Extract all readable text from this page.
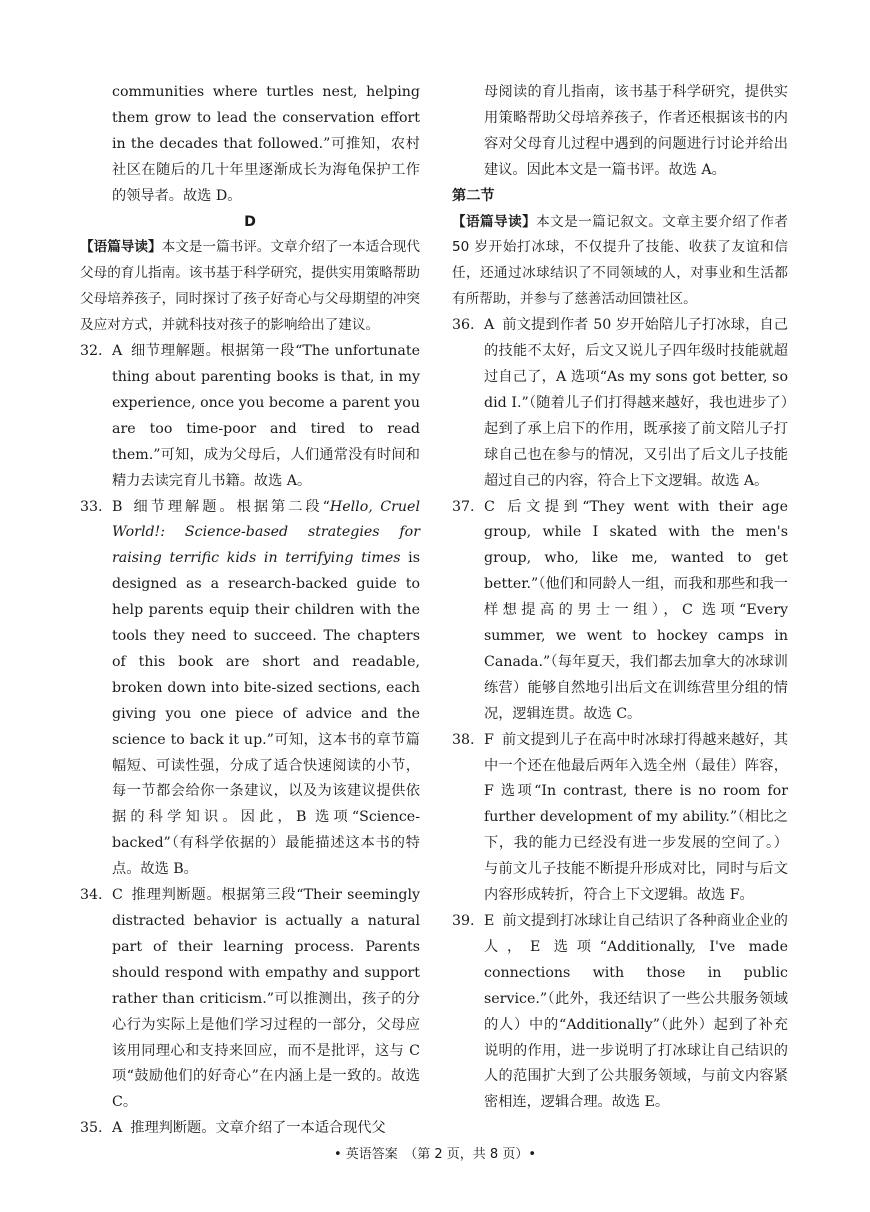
communities where turtles nest, helping them grow to lead the conservation effort in the decades that followed.”可推知，农村社区在随后的几十年里逐渐成长为海龟保护工作的领导者。故选 D。

D

【语篇导读】本文是一篇书评。文章介绍了一本适合现代父母的育儿指南。该书基于科学研究，提供实用策略帮助父母培养孩子，同时探讨了孩子好奇心与父母期望的冲突及应对方式，并就科技对孩子的影响给出了建议。

32. A 细节理解题。根据第一段“The unfortunate thing about parenting books is that, in my experience, once you become a parent you are too time-poor and tired to read them.”可知，成为父母后，人们通常没有时间和精力去读完育儿书籍。故选 A。

33. B 细节理解题。根据第二段“Hello, Cruel World!: Science-based strategies for raising terrific kids in terrifying times is designed as a research-backed guide to help parents equip their children with the tools they need to succeed. The chapters of this book are short and readable, broken down into bite-sized sections, each giving you one piece of advice and the science to back it up.”可知，这本书的章节篇幅短、可读性强，分成了适合快速阅读的小节，每一节都会给你一条建议，以及为该建议提供依据的科学知识。因此，B 选项“Science-backed”（有科学依据的）最能描述这本书的特点。故选 B。

34. C 推理判断题。根据第三段“Their seemingly distracted behavior is actually a natural part of their learning process. Parents should respond with empathy and support rather than criticism.”可以推测出，孩子的分心行为实际上是他们学习过程的一部分，父母应该用同理心和支持来回应，而不是批评，这与 C 项“鼓励他们的好奇心”在内涵上是一致的。故选 C。

35. A 推理判断题。文章介绍了一本适合现代父

母阅读的育儿指南，该书基于科学研究，提供实用策略帮助父母培养孩子，作者还根据该书的内容对父母育儿过程中遇到的问题进行讨论并给出建议。因此本文是一篇书评。故选 A。

第二节

【语篇导读】本文是一篇记叙文。文章主要介绍了作者 50 岁开始打冰球，不仅提升了技能、收获了友谊和信任，还通过冰球结识了不同领域的人，对事业和生活都有所帮助，并参与了慈善活动回馈社区。

36. A 前文提到作者 50 岁开始陪儿子打冰球，自己的技能不太好，后文又说儿子四年级时技能就超过自己了，A 选项“As my sons got better, so did I.”（随着儿子们打得越来越好，我也进步了）起到了承上启下的作用，既承接了前文陪儿子打球自己也在参与的情况，又引出了后文儿子技能超过自己的内容，符合上下文逻辑。故选 A。

37. C 后文提到“They went with their age group, while I skated with the men's group, who, like me, wanted to get better.”（他们和同龄人一组，而我和那些和我一样想提高的男士一组），C 选项“Every summer, we went to hockey camps in Canada.”（每年夏天，我们都去加拿大的冰球训练营）能够自然地引出后文在训练营里分组的情况，逻辑连贯。故选 C。

38. F 前文提到儿子在高中时冰球打得越来越好，其中一个还在他最后两年入选全州（最佳）阵容，F 选项“In contrast, there is no room for further development of my ability.”（相比之下，我的能力已经没有进一步发展的空间了。）与前文儿子技能不断提升形成对比，同时与后文内容形成转折，符合上下文逻辑。故选 F。

39. E 前文提到打冰球让自己结识了各种商业企业的人，E 选项“Additionally, I've made connections with those in public service.”（此外，我还结识了一些公共服务领域的人）中的“Additionally”（此外）起到了补充说明的作用，进一步说明了打冰球让自己结识的人的范围扩大到了公共服务领域，与前文内容紧密相连，逻辑合理。故选 E。

• 英语答案　（第 2 页，共 8 页）•
